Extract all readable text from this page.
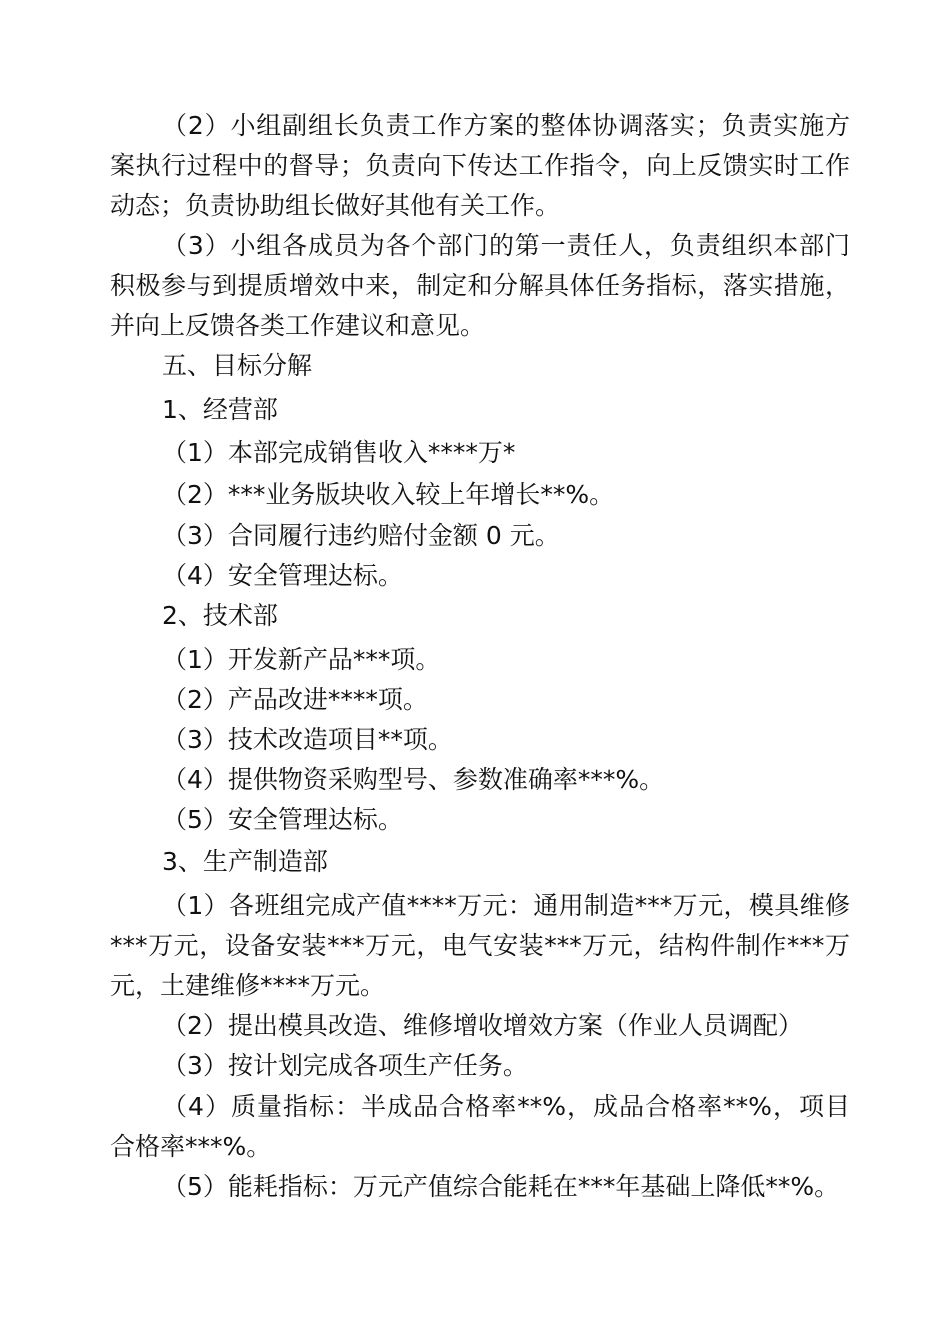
（2）小组副组长负责工作方案的整体协调落实；负责实施方
案执行过程中的督导；负责向下传达工作指令，向上反馈实时工作
动态；负责协助组长做好其他有关工作。
（3）小组各成员为各个部门的第一责任人，负责组织本部门
积极参与到提质增效中来，制定和分解具体任务指标，落实措施，
并向上反馈各类工作建议和意见。
五、目标分解
1、经营部
（1）本部完成销售收入****万*
（2）***业务版块收入较上年增长**%。
（3）合同履行违约赔付金额 0 元。
（4）安全管理达标。
2、技术部
（1）开发新产品***项。
（2）产品改进****项。
（3）技术改造项目**项。
（4）提供物资采购型号、参数准确率***%。
（5）安全管理达标。
3、生产制造部
（1）各班组完成产值****万元：通用制造***万元，模具维修
***万元，设备安装***万元，电气安装***万元，结构件制作***万
元，土建维修****万元。
（2）提出模具改造、维修增收增效方案（作业人员调配）
（3）按计划完成各项生产任务。
（4）质量指标：半成品合格率**%，成品合格率**%，项目
合格率***%。
（5）能耗指标：万元产值综合能耗在***年基础上降低**%。
